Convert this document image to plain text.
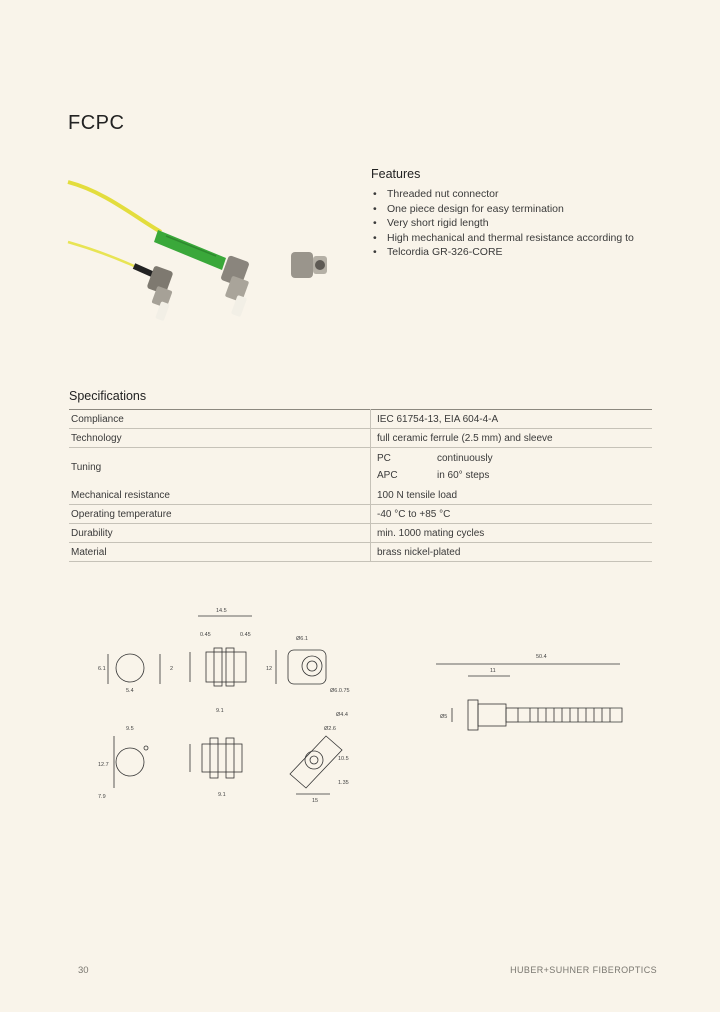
FCPC
Features
• Threaded nut connector
• One piece design for easy termination
• Very short rigid length
• High mechanical and thermal resistance according to
• Telcordia GR-326-CORE
Specifications
Compliance	IEC 61754-13, EIA 604-4-A
Technology	full ceramic ferrule (2.5 mm) and sleeve
Tuning	PC continuously
APC in 60° steps

Mechanical resistance	100 N tensile load
Operating temperature	-40 °C to +85 °C
Durability	min. 1000 mating cycles
Material	brass nickel-plated
14.5
0.45	0.45
6.1
5.4
Ø6.1
12
2
Ø6.0.75
9.5
12.7
9.1
9.1
7.9
Ø4.4
Ø2.6
10.5
15
1.35
50.4
11
Ø5
30	HUBER+SUHNER FIBEROPTICS
